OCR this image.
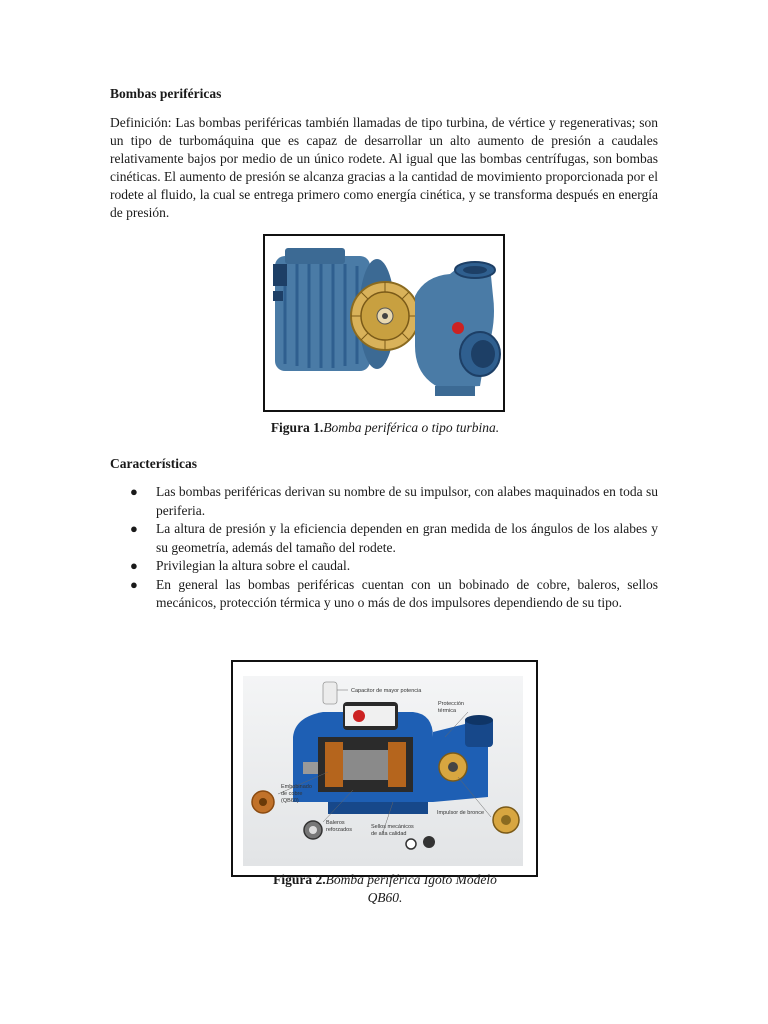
Bombas periféricas

Definición: Las bombas periféricas también llamadas de tipo turbina, de vértice y regenerativas; son un tipo de turbomáquina que es capaz de desarrollar un alto aumento de presión a caudales relativamente bajos por medio de un único rodete. Al igual que las bombas centrífugas, son bombas cinéticas. El aumento de presión se alcanza gracias a la cantidad de movimiento proporcionada por el rodete al fluido, la cual se entrega primero como energía cinética, y se transforma después en energía de presión.

Figura 1.Bomba periférica o tipo turbina.
Características
● Las bombas periféricas derivan su nombre de su impulsor, con alabes maquinados en toda su periferia.
● La altura de presión y la eficiencia dependen en gran medida de los ángulos de los alabes y su geometría, además del tamaño del rodete.
● Privilegian la altura sobre el caudal.
● En general las bombas periféricas cuentan con un bobinado de cobre, baleros, sellos mecánicos, protección térmica y uno o más de dos impulsores dependiendo de su tipo.
Capacitor de mayor potencia
Protección
térmica
Embobinado
de cobre
(QB60)
Baleros
reforzados	Sellos mecánicos
de alta calidad
Impulsor de bronce
Figura 2.Bomba periférica Igoto Modelo
QB60.
